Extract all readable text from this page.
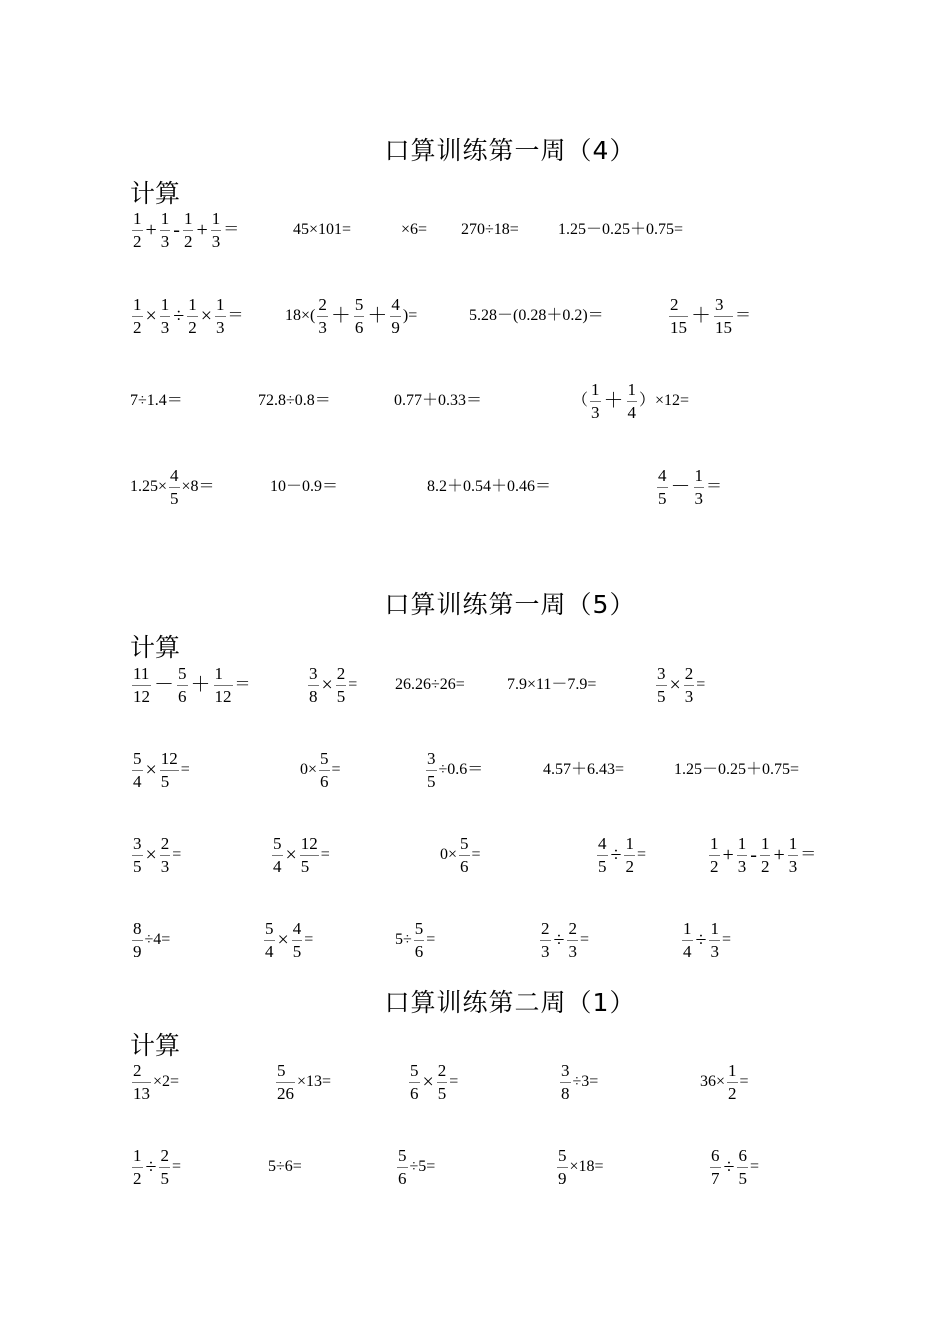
口算训练第一周（4）
计算
$\frac{1}{2} + \frac{1}{3} - \frac{1}{2} + \frac{1}{3}$ ＝	45×101=	×6= 270÷18= 1.25－0.25＋0.75=
$\frac{1}{2} \times \frac{1}{3} \div \frac{1}{2} \times \frac{1}{3}$ ＝	$18\times( \frac{2}{3} + \frac{5}{6} + \frac{4}{9}$ )=	5.28－(0.28＋0.2)＝	$\frac{2}{15} + \frac{3}{15}$ ＝
7÷1.4＝	72.8÷0.8＝	0.77＋0.33＝	（ $\frac{1}{3} + \frac{1}{4} )\times 12=$
$1.25\times \frac{4}{5} \times 8=$	10－0.9＝	8.2＋0.54＋0.46＝	$\frac{4}{5} - \frac{1}{3}$ ＝
口算训练第一周（5）
计算
$\frac{11}{12} - \frac{5}{6} + \frac{1}{12}$ ＝	$\frac{3}{8} \times \frac{2}{5} = 26.26\div 26=$	7.9×11－7.9=	$\frac{3}{5} \times \frac{2}{3}$ =
$\frac{5}{4} \times \frac{12}{5}$ =	$0\times \frac{5}{6}$ =	$\frac{3}{5} \div 0.6=$	4.57＋6.43=	1.25－0.25＋0.75=
$\frac{3}{5} \times \frac{2}{3}$ =	$\frac{5}{4} \times \frac{12}{5}$ =	$0\times \frac{5}{6}$ =	$\frac{4}{5} \div \frac{1}{2}$ =	$\frac{1}{2} + \frac{1}{3} - \frac{1}{2} + \frac{1}{3}$ ＝
$\frac{8}{9} \div 4=$	$\frac{5}{4} \times \frac{4}{5}$ =	$5\div \frac{5}{6}$ =	$\frac{2}{3} \div \frac{2}{3}$ =	$\frac{1}{4} \div \frac{1}{3}$ =
口算训练第二周（1）
计算
$\frac{2}{13} \times 2=$	$\frac{5}{26} \times 13=$	$\frac{5}{6} \times \frac{2}{5}$ =	$\frac{3}{8} \div 3=$	$36\times \frac{1}{2}$ =
$\frac{1}{2} \div \frac{2}{5}$ =	5÷6=	$\frac{5}{6} \div 5=$	$\frac{5}{9} \times 18=$	$\frac{6}{7} \div \frac{6}{5}$ =
